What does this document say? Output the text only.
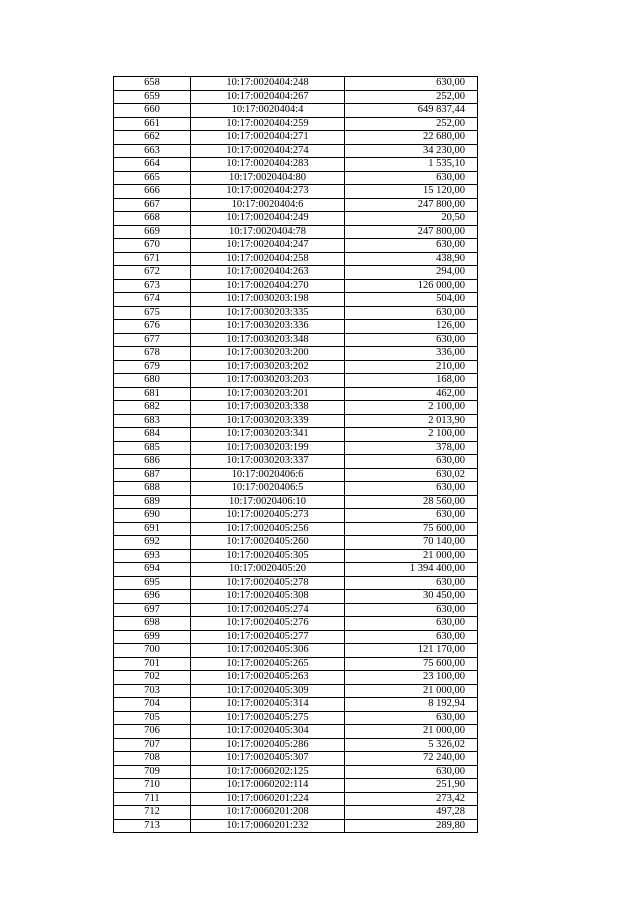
658	10:17:0020404:248	630,00
659	10:17:0020404:267	252,00
660	10:17:0020404:4	649 837,44
661	10:17:0020404:259	252,00
662	10:17:0020404:271	22 680,00
663	10:17:0020404:274	34 230,00
664	10:17:0020404:283	1 535,10
665	10:17:0020404:80	630,00
666	10:17:0020404:273	15 120,00
667	10:17:0020404:6	247 800,00
668	10:17:0020404:249	20,50
669	10:17:0020404:78	247 800,00
670	10:17:0020404:247	630,00
671	10:17:0020404:258	438,90
672	10:17:0020404:263	294,00
673	10:17:0020404:270	126 000,00
674	10:17:0030203:198	504,00
675	10:17:0030203:335	630,00
676	10:17:0030203:336	126,00
677	10:17:0030203:348	630,00
678	10:17:0030203:200	336,00
679	10:17:0030203:202	210,00
680	10:17:0030203:203	168,00
681	10:17:0030203:201	462,00
682	10:17:0030203:338	2 100,00
683	10:17:0030203:339	2 013,90
684	10:17:0030203:341	2 100,00
685	10:17:0030203:199	378,00
686	10:17:0030203:337	630,00
687	10:17:0020406:6	630,02
688	10:17:0020406:5	630,00
689	10:17:0020406:10	28 560,00
690	10:17:0020405:273	630,00
691	10:17:0020405:256	75 600,00
692	10:17:0020405:260	70 140,00
693	10:17:0020405:305	21 000,00
694	10:17:0020405:20	1 394 400,00
695	10:17:0020405:278	630,00
696	10:17:0020405:308	30 450,00
697	10:17:0020405:274	630,00
698	10:17:0020405:276	630,00
699	10:17:0020405:277	630,00
700	10:17:0020405:306	121 170,00
701	10:17:0020405:265	75 600,00
702	10:17:0020405:263	23 100,00
703	10:17:0020405:309	21 000,00
704	10:17:0020405:314	8 192,94
705	10:17:0020405:275	630,00
706	10:17:0020405:304	21 000,00
707	10:17:0020405:286	5 326,02
708	10:17:0020405:307	72 240,00
709	10:17:0060202:125	630,00
710	10:17:0060202:114	251,90
711	10:17:0060201:224	273,42
712	10:17:0060201:208	497,28
713	10:17:0060201:232	289,80
